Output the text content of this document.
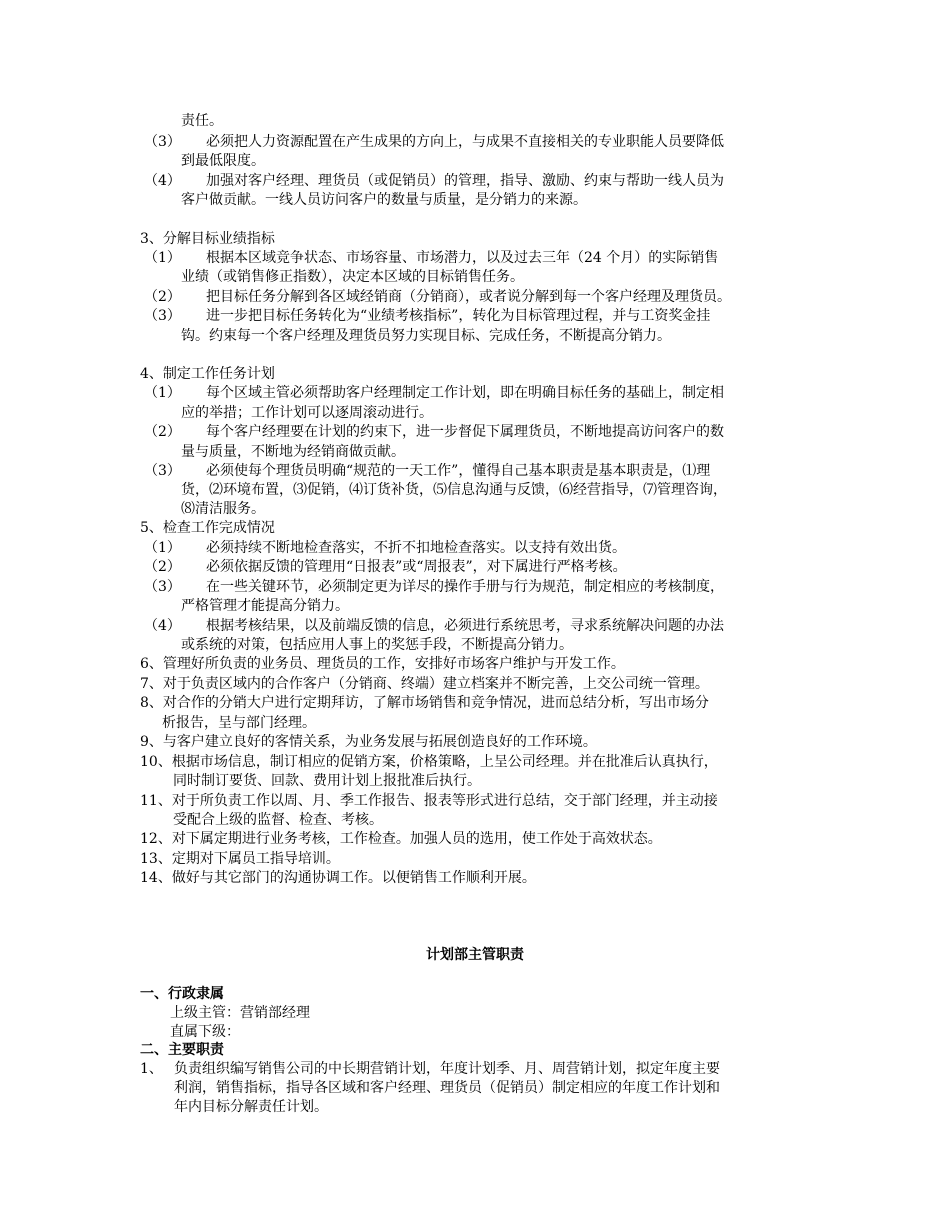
责任。
（3） 必须把人力资源配置在产生成果的方向上，与成果不直接相关的专业职能人员要降低
到最低限度。
（4） 加强对客户经理、理货员（或促销员）的管理，指导、激励、约束与帮助一线人员为
客户做贡献。一线人员访问客户的数量与质量，是分销力的来源。
3、分解目标业绩指标
（1） 根据本区域竞争状态、市场容量、市场潜力，以及过去三年（24 个月）的实际销售
业绩（或销售修正指数），决定本区域的目标销售任务。
（2） 把目标任务分解到各区域经销商（分销商），或者说分解到每一个客户经理及理货员。
（3） 进一步把目标任务转化为“业绩考核指标”，转化为目标管理过程，并与工资奖金挂
钩。约束每一个客户经理及理货员努力实现目标、完成任务，不断提高分销力。
4、制定工作任务计划
（1） 每个区域主管必须帮助客户经理制定工作计划，即在明确目标任务的基础上，制定相
应的举措；工作计划可以逐周滚动进行。
（2） 每个客户经理要在计划的约束下，进一步督促下属理货员，不断地提高访问客户的数
量与质量，不断地为经销商做贡献。
（3） 必须使每个理货员明确“规范的一天工作”，懂得自己基本职责是基本职责是，⑴理
货，⑵环境布置，⑶促销，⑷订货补货，⑸信息沟通与反馈，⑹经营指导，⑺管理咨询，
⑻清洁服务。
5、检查工作完成情况
（1） 必须持续不断地检查落实，不折不扣地检查落实。以支持有效出货。
（2） 必须依据反馈的管理用“日报表”或“周报表”，对下属进行严格考核。
（3） 在一些关键环节，必须制定更为详尽的操作手册与行为规范，制定相应的考核制度，
严格管理才能提高分销力。
（4） 根据考核结果，以及前端反馈的信息，必须进行系统思考，寻求系统解决问题的办法
或系统的对策，包括应用人事上的奖惩手段，不断提高分销力。
6、管理好所负责的业务员、理货员的工作，安排好市场客户维护与开发工作。
7、对于负责区域内的合作客户（分销商、终端）建立档案并不断完善，上交公司统一管理。
8、对合作的分销大户进行定期拜访，了解市场销售和竞争情况，进而总结分析，写出市场分
析报告，呈与部门经理。
9、与客户建立良好的客情关系，为业务发展与拓展创造良好的工作环境。
10、根据市场信息，制订相应的促销方案，价格策略，上呈公司经理。并在批准后认真执行，
同时制订要货、回款、费用计划上报批准后执行。
11、对于所负责工作以周、月、季工作报告、报表等形式进行总结，交于部门经理，并主动接
受配合上级的监督、检查、考核。
12、对下属定期进行业务考核，工作检查。加强人员的选用，使工作处于高效状态。
13、定期对下属员工指导培训。
14、做好与其它部门的沟通协调工作。以便销售工作顺利开展。
计划部主管职责
一、行政隶属
上级主管：营销部经理
直属下级：
二、主要职责
1、 负责组织编写销售公司的中长期营销计划，年度计划季、月、周营销计划，拟定年度主要
利润，销售指标，指导各区域和客户经理、理货员（促销员）制定相应的年度工作计划和
年内目标分解责任计划。
